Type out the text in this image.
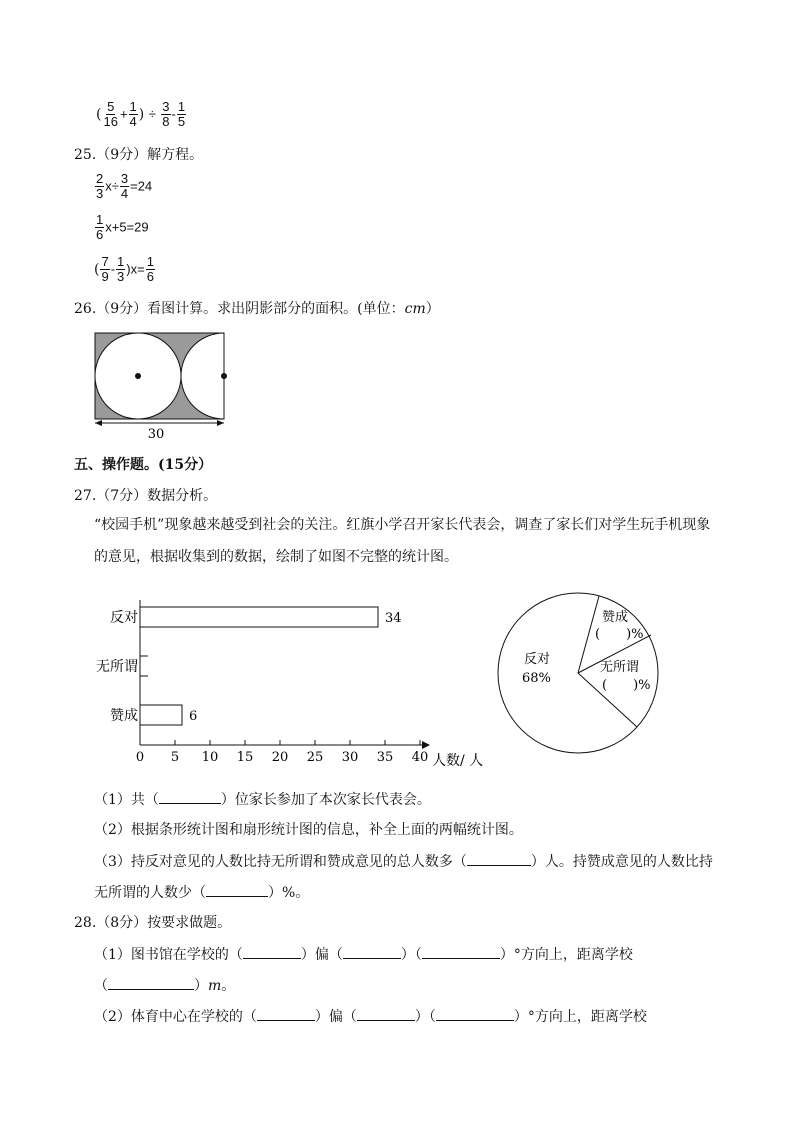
( $\frac{5}{16} + \frac{1}{4}$ ) ÷ $\frac{3}{8} - \frac{1}{5}$
25.（9分）解方程。
$\frac{2}{3} x\div \frac{3}{4} =24$
$\frac{1}{6} x+5=29$
( $\frac{7}{9} - \frac{1}{3} )x= \frac{1}{6}$
26.（9分）看图计算。求出阴影部分的面积。(单位：cm）
30
五、操作题。(15分）
27.（7分）数据分析。
“校园手机”现象越来越受到社会的关注。红旗小学召开家长代表会，调查了家长们对学生玩手机现象
的意见，根据收集到的数据，绘制了如图不完整的统计图。
0 5 10 15 20 25 30 35 40 人数/ 人
反对	34
无所谓
赞成	6
反对
68%
赞成
(　　)%
无所谓
(　　)%
（1）共（	）位家长参加了本次家长代表会。
（2）根据条形统计图和扇形统计图的信息，补全上面的两幅统计图。
（3）持反对意见的人数比持无所谓和赞成意见的总人数多（	）人。持赞成意见的人数比持
无所谓的人数少（	）%。
28.（8分）按要求做题。
（1）图书馆在学校的（	）偏（	）（	）°方向上，距离学校
（	）m。
（2）体育中心在学校的（	）偏（	）（	）°方向上，距离学校
